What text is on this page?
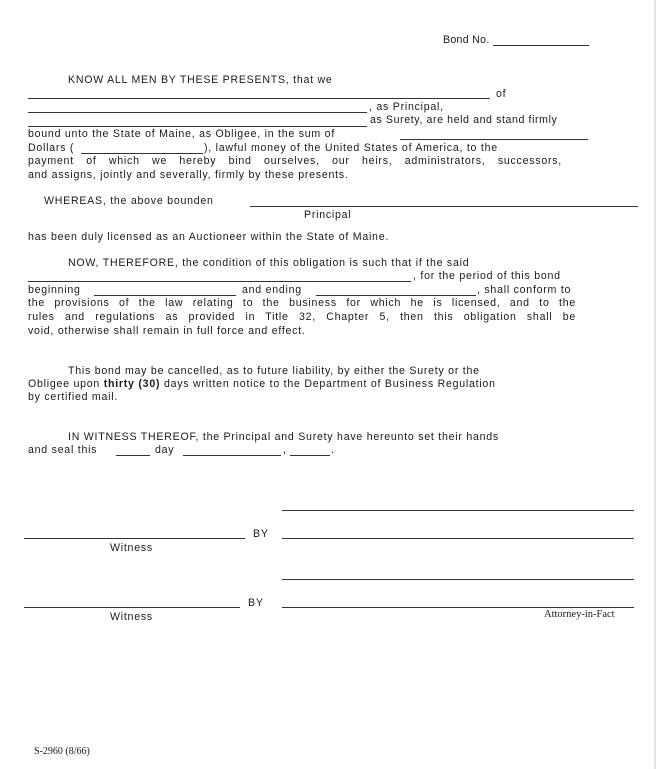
Bond No.
KNOW ALL MEN BY THESE PRESENTS, that we
of
, as Principal,
as Surety, are held and stand firmly
bound unto the State of Maine, as Obligee, in the sum of
Dollars (	), lawful money of the United States of America, to the
payment of which we hereby bind ourselves, our heirs, administrators, successors,
and assigns, jointly and severally, firmly by these presents.
WHEREAS, the above bounden
Principal
has been duly licensed as an Auctioneer within the State of Maine.
NOW, THEREFORE, the condition of this obligation is such that if the said
, for the period of this bond
beginning	and ending	, shall conform to
the provisions of the law relating to the business for which he is licensed, and to the
rules and regulations as provided in Title 32, Chapter 5, then this obligation shall be
void, otherwise shall remain in full force and effect.
This bond may be cancelled, as to future liability, by either the Surety or the
Obligee upon thirty (30) days written notice to the Department of Business Regulation
by certified mail.
IN WITNESS THEREOF, the Principal and Surety have hereunto set their hands
and seal this	day	,	.
BY
Witness
BY
Witness	Attorney-in-Fact
S-2960 (8/66)
